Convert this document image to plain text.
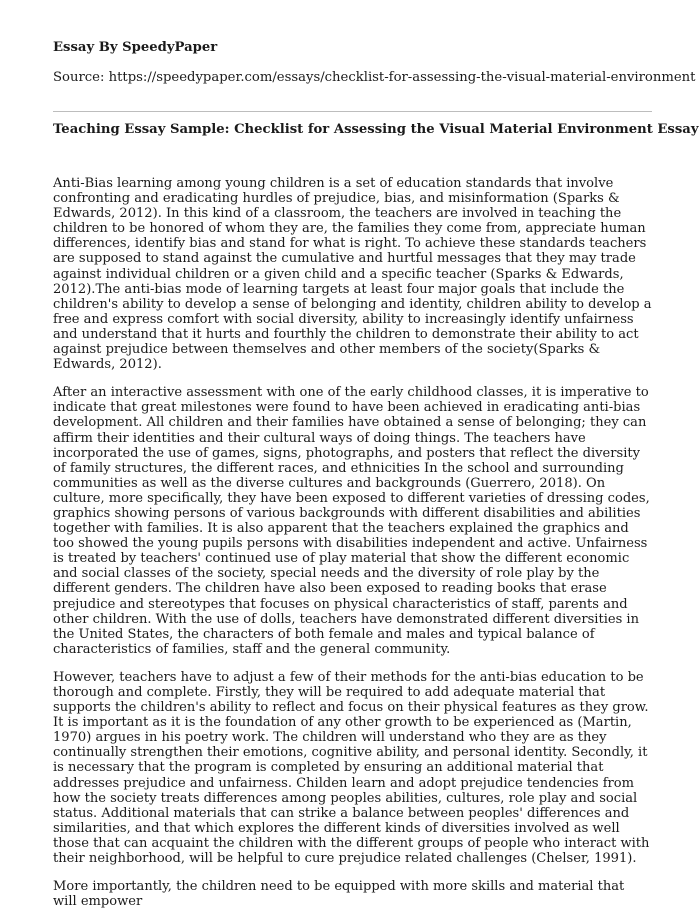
Essay By SpeedyPaper
Source: https://speedypaper.com/essays/checklist-for-assessing-the-visual-material-environment
Teaching Essay Sample: Checklist for Assessing the Visual Material Environment Essay

Anti-Bias learning among young children is a set of education standards that involve confronting and eradicating hurdles of prejudice, bias, and misinformation (Sparks & Edwards, 2012). In this kind of a classroom, the teachers are involved in teaching the children to be honored of whom they are, the families they come from, appreciate human differences, identify bias and stand for what is right. To achieve these standards teachers are supposed to stand against the cumulative and hurtful messages that they may trade against individual children or a given child and a specific teacher (Sparks & Edwards, 2012).The anti-bias mode of learning targets at least four major goals that include the children's ability to develop a sense of belonging and identity, children ability to develop a free and express comfort with social diversity, ability to increasingly identify unfairness and understand that it hurts and fourthly the children to demonstrate their ability to act against prejudice between themselves and other members of the society(Sparks & Edwards, 2012).

After an interactive assessment with one of the early childhood classes, it is imperative to indicate that great milestones were found to have been achieved in eradicating anti-bias development. All children and their families have obtained a sense of belonging; they can affirm their identities and their cultural ways of doing things. The teachers have incorporated the use of games, signs, photographs, and posters that reflect the diversity of family structures, the different races, and ethnicities In the school and surrounding communities as well as the diverse cultures and backgrounds (Guerrero, 2018). On culture, more specifically, they have been exposed to different varieties of dressing codes, graphics showing persons of various backgrounds with different disabilities and abilities together with families. It is also apparent that the teachers explained the graphics and too showed the young pupils persons with disabilities independent and active. Unfairness is treated by teachers' continued use of play material that show the different economic and social classes of the society, special needs and the diversity of role play by the different genders. The children have also been exposed to reading books that erase prejudice and stereotypes that focuses on physical characteristics of staff, parents and other children. With the use of dolls, teachers have demonstrated different diversities in the United States, the characters of both female and males and typical balance of characteristics of families, staff and the general community.

However, teachers have to adjust a few of their methods for the anti-bias education to be thorough and complete. Firstly, they will be required to add adequate material that supports the children's ability to reflect and focus on their physical features as they grow. It is important as it is the foundation of any other growth to be experienced as (Martin, 1970) argues in his poetry work. The children will understand who they are as they continually strengthen their emotions, cognitive ability, and personal identity. Secondly, it is necessary that the program is completed by ensuring an additional material that addresses prejudice and unfairness. Childen learn and adopt prejudice tendencies from how the society treats differences among peoples abilities, cultures, role play and social status. Additional materials that can strike a balance between peoples' differences and similarities, and that which explores the different kinds of diversities involved as well those that can acquaint the children with the different groups of people who interact with their neighborhood, will be helpful to cure prejudice related challenges (Chelser, 1991).

More importantly, the children need to be equipped with more skills and material that will empower
